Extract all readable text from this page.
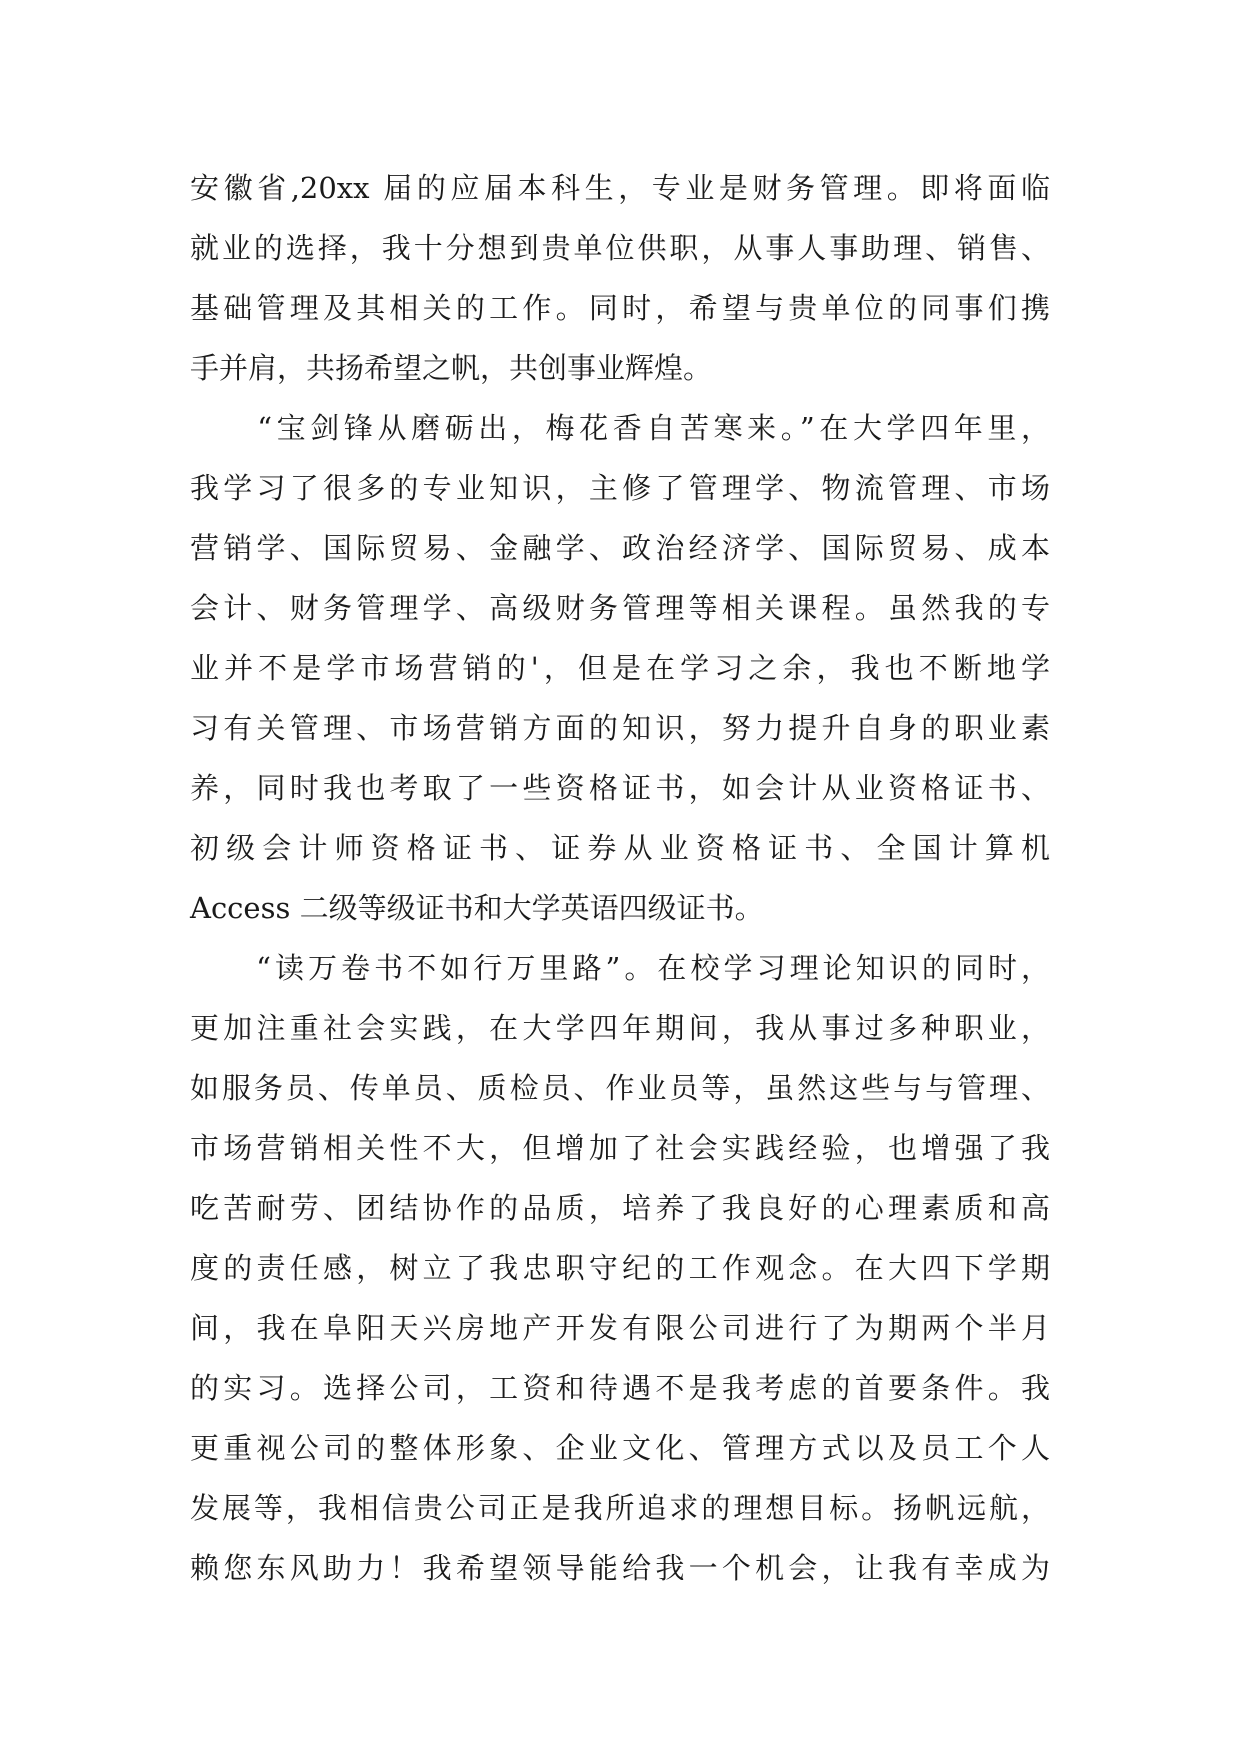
安徽省,20xx 届的应届本科生，专业是财务管理。即将面临
就业的选择，我十分想到贵单位供职，从事人事助理、销售、
基础管理及其相关的工作。同时，希望与贵单位的同事们携
手并肩，共扬希望之帆，共创事业辉煌。
　　“宝剑锋从磨砺出，梅花香自苦寒来。”在大学四年里，
我学习了很多的专业知识，主修了管理学、物流管理、市场
营销学、国际贸易、金融学、政治经济学、国际贸易、成本
会计、财务管理学、高级财务管理等相关课程。虽然我的专
业并不是学市场营销的'，但是在学习之余，我也不断地学
习有关管理、市场营销方面的知识，努力提升自身的职业素
养，同时我也考取了一些资格证书，如会计从业资格证书、
初级会计师资格证书、证券从业资格证书、全国计算机
Access 二级等级证书和大学英语四级证书。
　　“读万卷书不如行万里路”。在校学习理论知识的同时，
更加注重社会实践，在大学四年期间，我从事过多种职业，
如服务员、传单员、质检员、作业员等，虽然这些与与管理、
市场营销相关性不大，但增加了社会实践经验，也增强了我
吃苦耐劳、团结协作的品质，培养了我良好的心理素质和高
度的责任感，树立了我忠职守纪的工作观念。在大四下学期
间，我在阜阳天兴房地产开发有限公司进行了为期两个半月
的实习。选择公司，工资和待遇不是我考虑的首要条件。我
更重视公司的整体形象、企业文化、管理方式以及员工个人
发展等，我相信贵公司正是我所追求的理想目标。扬帆远航，
赖您东风助力！我希望领导能给我一个机会，让我有幸成为
